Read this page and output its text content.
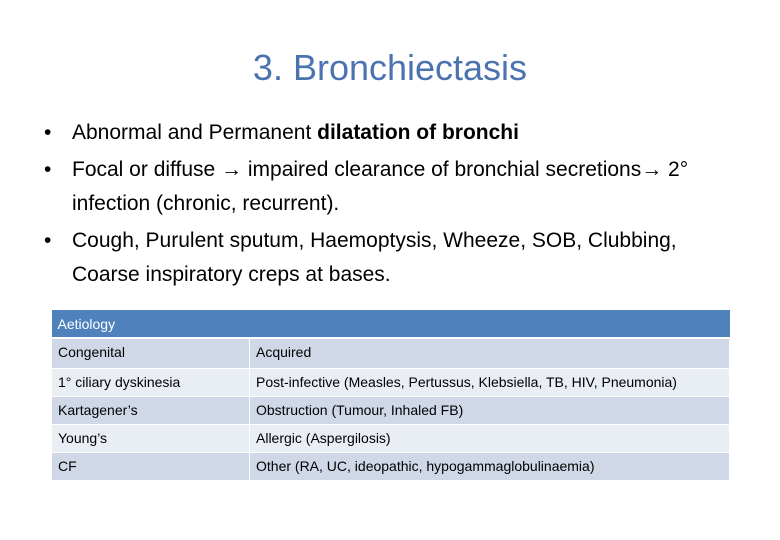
3. Bronchiectasis
• Abnormal and Permanent dilatation of bronchi
• Focal or diffuse → impaired clearance of bronchial secretions→ 2° infection (chronic, recurrent).
• Cough, Purulent sputum, Haemoptysis, Wheeze, SOB, Clubbing, Coarse inspiratory creps at bases.
Aetiology	
Congenital	Acquired
1° ciliary dyskinesia	Post-infective (Measles, Pertussus, Klebsiella, TB, HIV, Pneumonia)
Kartagener’s	Obstruction (Tumour, Inhaled FB)
Young’s	Allergic (Aspergilosis)
CF	Other (RA, UC, ideopathic, hypogammaglobulinaemia)
